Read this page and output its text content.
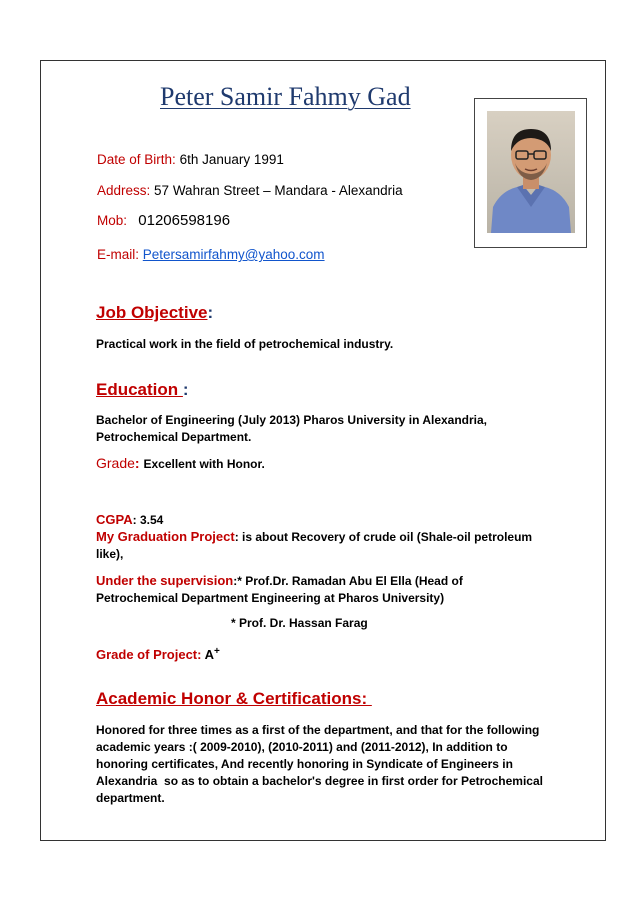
Peter Samir Fahmy Gad
Date of Birth: 6th January 1991
Address: 57 Wahran Street – Mandara - Alexandria
Mob:   01206598196
E-mail: Petersamirfahmy@yahoo.com
Job Objective:
Practical work in the field of petrochemical industry.
Education :
Bachelor of Engineering (July 2013) Pharos University in Alexandria,
Petrochemical Department.
Grade: Excellent with Honor.
CGPA: 3.54
My Graduation Project: is about Recovery of crude oil (Shale-oil petroleum
like),
Under the supervision:* Prof.Dr. Ramadan Abu El Ella (Head of
Petrochemical Department Engineering at Pharos University)
* Prof. Dr. Hassan Farag
Grade of Project: A+
Academic Honor & Certifications:
Honored for three times as a first of the department, and that for the following
academic years :( 2009-2010), (2010-2011) and (2011-2012), In addition to
honoring certificates, And recently honoring in Syndicate of Engineers in
Alexandria  so as to obtain a bachelor's degree in first order for Petrochemical
department.
